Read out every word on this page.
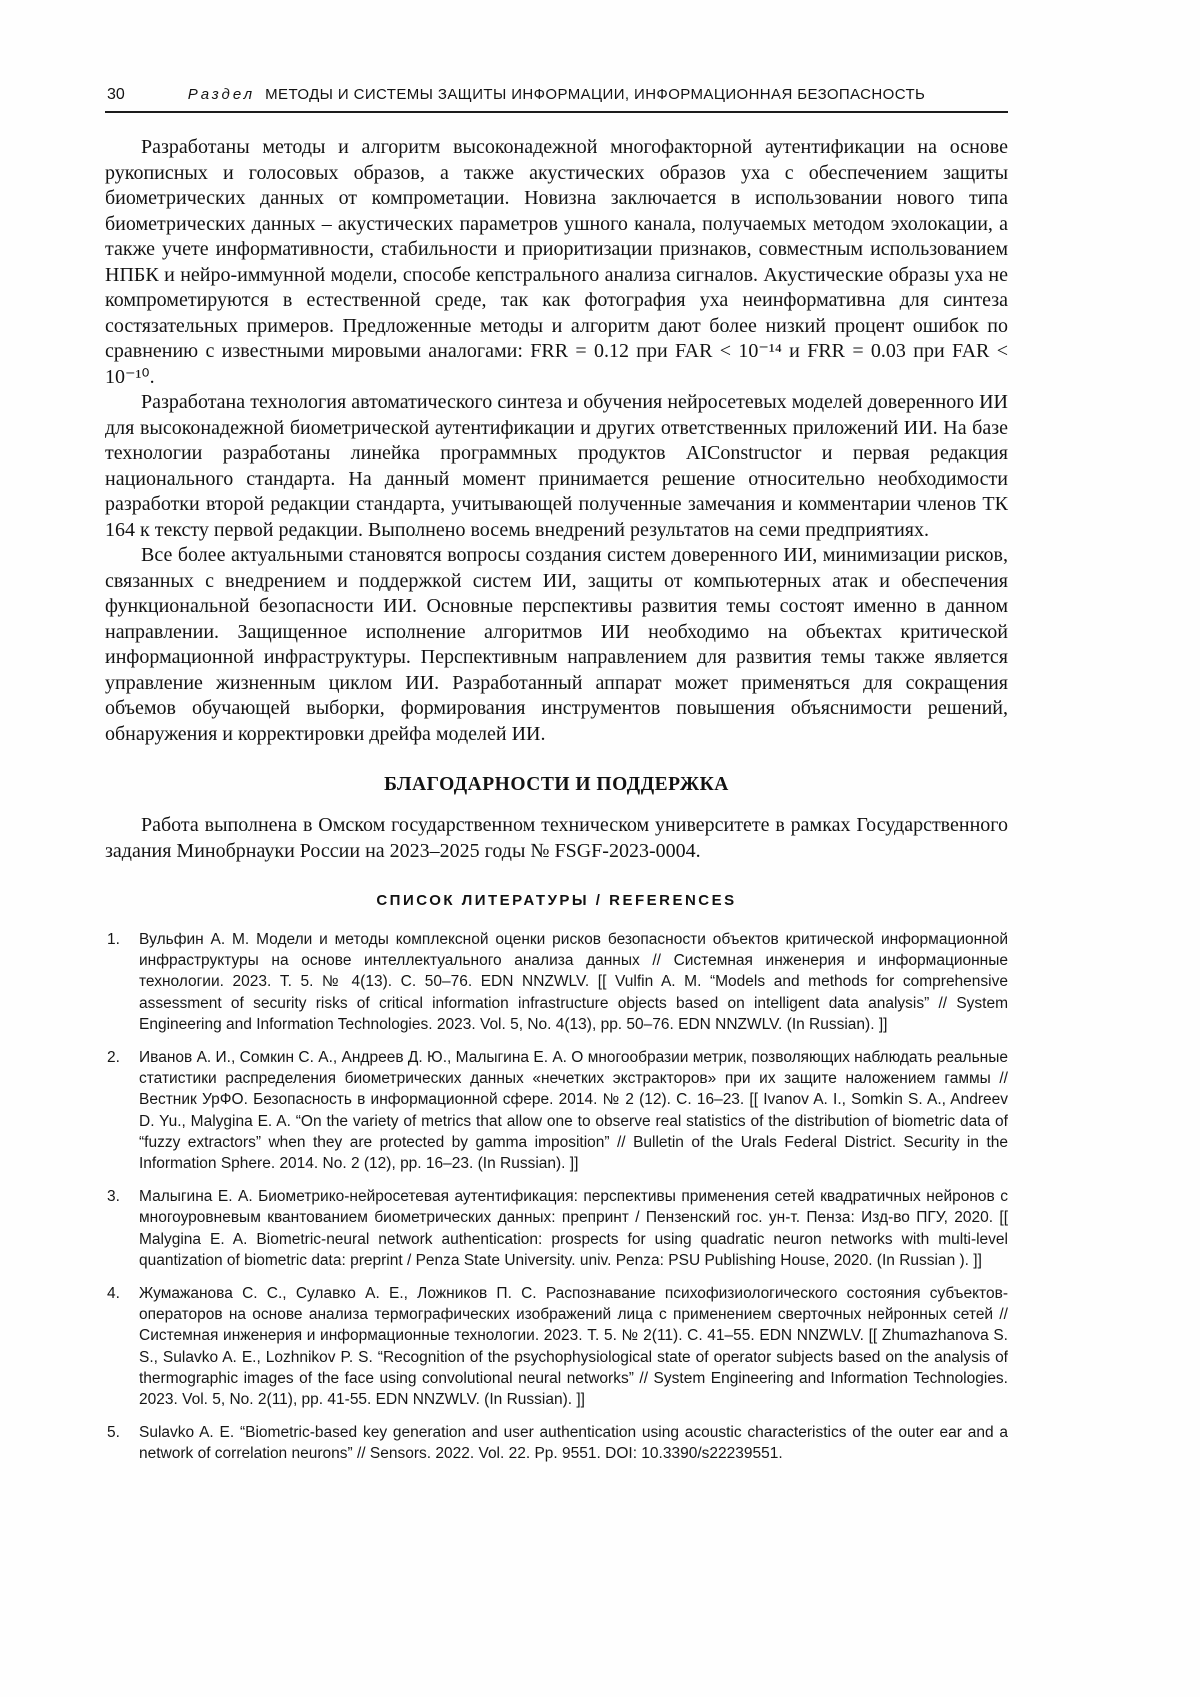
30	Раздел МЕТОДЫ И СИСТЕМЫ ЗАЩИТЫ ИНФОРМАЦИИ, ИНФОРМАЦИОННАЯ БЕЗОПАСНОСТЬ

Разработаны методы и алгоритм высоконадежной многофакторной аутентификации на основе рукописных и голосовых образов, а также акустических образов уха с обеспечением защиты биометрических данных от компрометации. Новизна заключается в использовании нового типа биометрических данных – акустических параметров ушного канала, получаемых методом эхолокации, а также учете информативности, стабильности и приоритизации признаков, совместным использованием НПБК и нейро-иммунной модели, способе кепстрального анализа сигналов. Акустические образы уха не компрометируются в естественной среде, так как фотография уха неинформативна для синтеза состязательных примеров. Предложенные методы и алгоритм дают более низкий процент ошибок по сравнению с известными мировыми аналогами: FRR = 0.12 при FAR < 10⁻¹⁴ и FRR = 0.03 при FAR < 10⁻¹⁰.

Разработана технология автоматического синтеза и обучения нейросетевых моделей доверенного ИИ для высоконадежной биометрической аутентификации и других ответственных приложений ИИ. На базе технологии разработаны линейка программных продуктов AIConstructor и первая редакция национального стандарта. На данный момент принимается решение относительно необходимости разработки второй редакции стандарта, учитывающей полученные замечания и комментарии членов ТК 164 к тексту первой редакции. Выполнено восемь внедрений результатов на семи предприятиях.

Все более актуальными становятся вопросы создания систем доверенного ИИ, минимизации рисков, связанных с внедрением и поддержкой систем ИИ, защиты от компьютерных атак и обеспечения функциональной безопасности ИИ. Основные перспективы развития темы состоят именно в данном направлении. Защищенное исполнение алгоритмов ИИ необходимо на объектах критической информационной инфраструктуры. Перспективным направлением для развития темы также является управление жизненным циклом ИИ. Разработанный аппарат может применяться для сокращения объемов обучающей выборки, формирования инструментов повышения объяснимости решений, обнаружения и корректировки дрейфа моделей ИИ.

БЛАГОДАРНОСТИ И ПОДДЕРЖКА

Работа выполнена в Омском государственном техническом университете в рамках Государственного задания Минобрнауки России на 2023–2025 годы № FSGF-2023-0004.

СПИСОК ЛИТЕРАТУРЫ / REFERENCES
1.	Вульфин А. М. Модели и методы комплексной оценки рисков безопасности объектов критической информационной инфраструктуры на основе интеллектуального анализа данных // Системная инженерия и информационные технологии. 2023. Т. 5. № 4(13). С. 50–76. EDN NNZWLV. [[ Vulfin A. M. “Models and methods for comprehensive assessment of security risks of critical information infrastructure objects based on intelligent data analysis” // System Engineering and Information Technologies. 2023. Vol. 5, No. 4(13), pp. 50–76. EDN NNZWLV. (In Russian). ]]
2.	Иванов А. И., Сомкин С. А., Андреев Д. Ю., Малыгина Е. А. О многообразии метрик, позволяющих наблюдать реальные статистики распределения биометрических данных «нечетких экстракторов» при их защите наложением гаммы // Вестник УрФО. Безопасность в информационной сфере. 2014. № 2 (12). С. 16–23. [[ Ivanov A. I., Somkin S. A., Andreev D. Yu., Malygina E. A. “On the variety of metrics that allow one to observe real statistics of the distribution of biometric data of “fuzzy extractors” when they are protected by gamma imposition” // Bulletin of the Urals Federal District. Security in the Information Sphere. 2014. No. 2 (12), pp. 16–23. (In Russian). ]]
3.	Малыгина Е. А. Биометрико-нейросетевая аутентификация: перспективы применения сетей квадратичных нейронов с многоуровневым квантованием биометрических данных: препринт / Пензенский гос. ун-т. Пенза: Изд-во ПГУ, 2020. [[ Malygina E. A. Biometric-neural network authentication: prospects for using quadratic neuron networks with multi-level quantization of biometric data: preprint / Penza State University. univ. Penza: PSU Publishing House, 2020. (In Russian ). ]]
4.	Жумажанова С. С., Сулавко А. Е., Ложников П. С. Распознавание психофизиологического состояния субъектов-операторов на основе анализа термографических изображений лица с применением сверточных нейронных сетей // Системная инженерия и информационные технологии. 2023. Т. 5. № 2(11). С. 41–55. EDN NNZWLV. [[ Zhumazhanova S. S., Sulavko A. E., Lozhnikov P. S. “Recognition of the psychophysiological state of operator subjects based on the analysis of thermographic images of the face using convolutional neural networks” // System Engineering and Information Technologies. 2023. Vol. 5, No. 2(11), pp. 41-55. EDN NNZWLV. (In Russian). ]]
5.	Sulavko A. E. “Biometric-based key generation and user authentication using acoustic characteristics of the outer ear and a network of correlation neurons” // Sensors. 2022. Vol. 22. Pp. 9551. DOI: 10.3390/s22239551.
